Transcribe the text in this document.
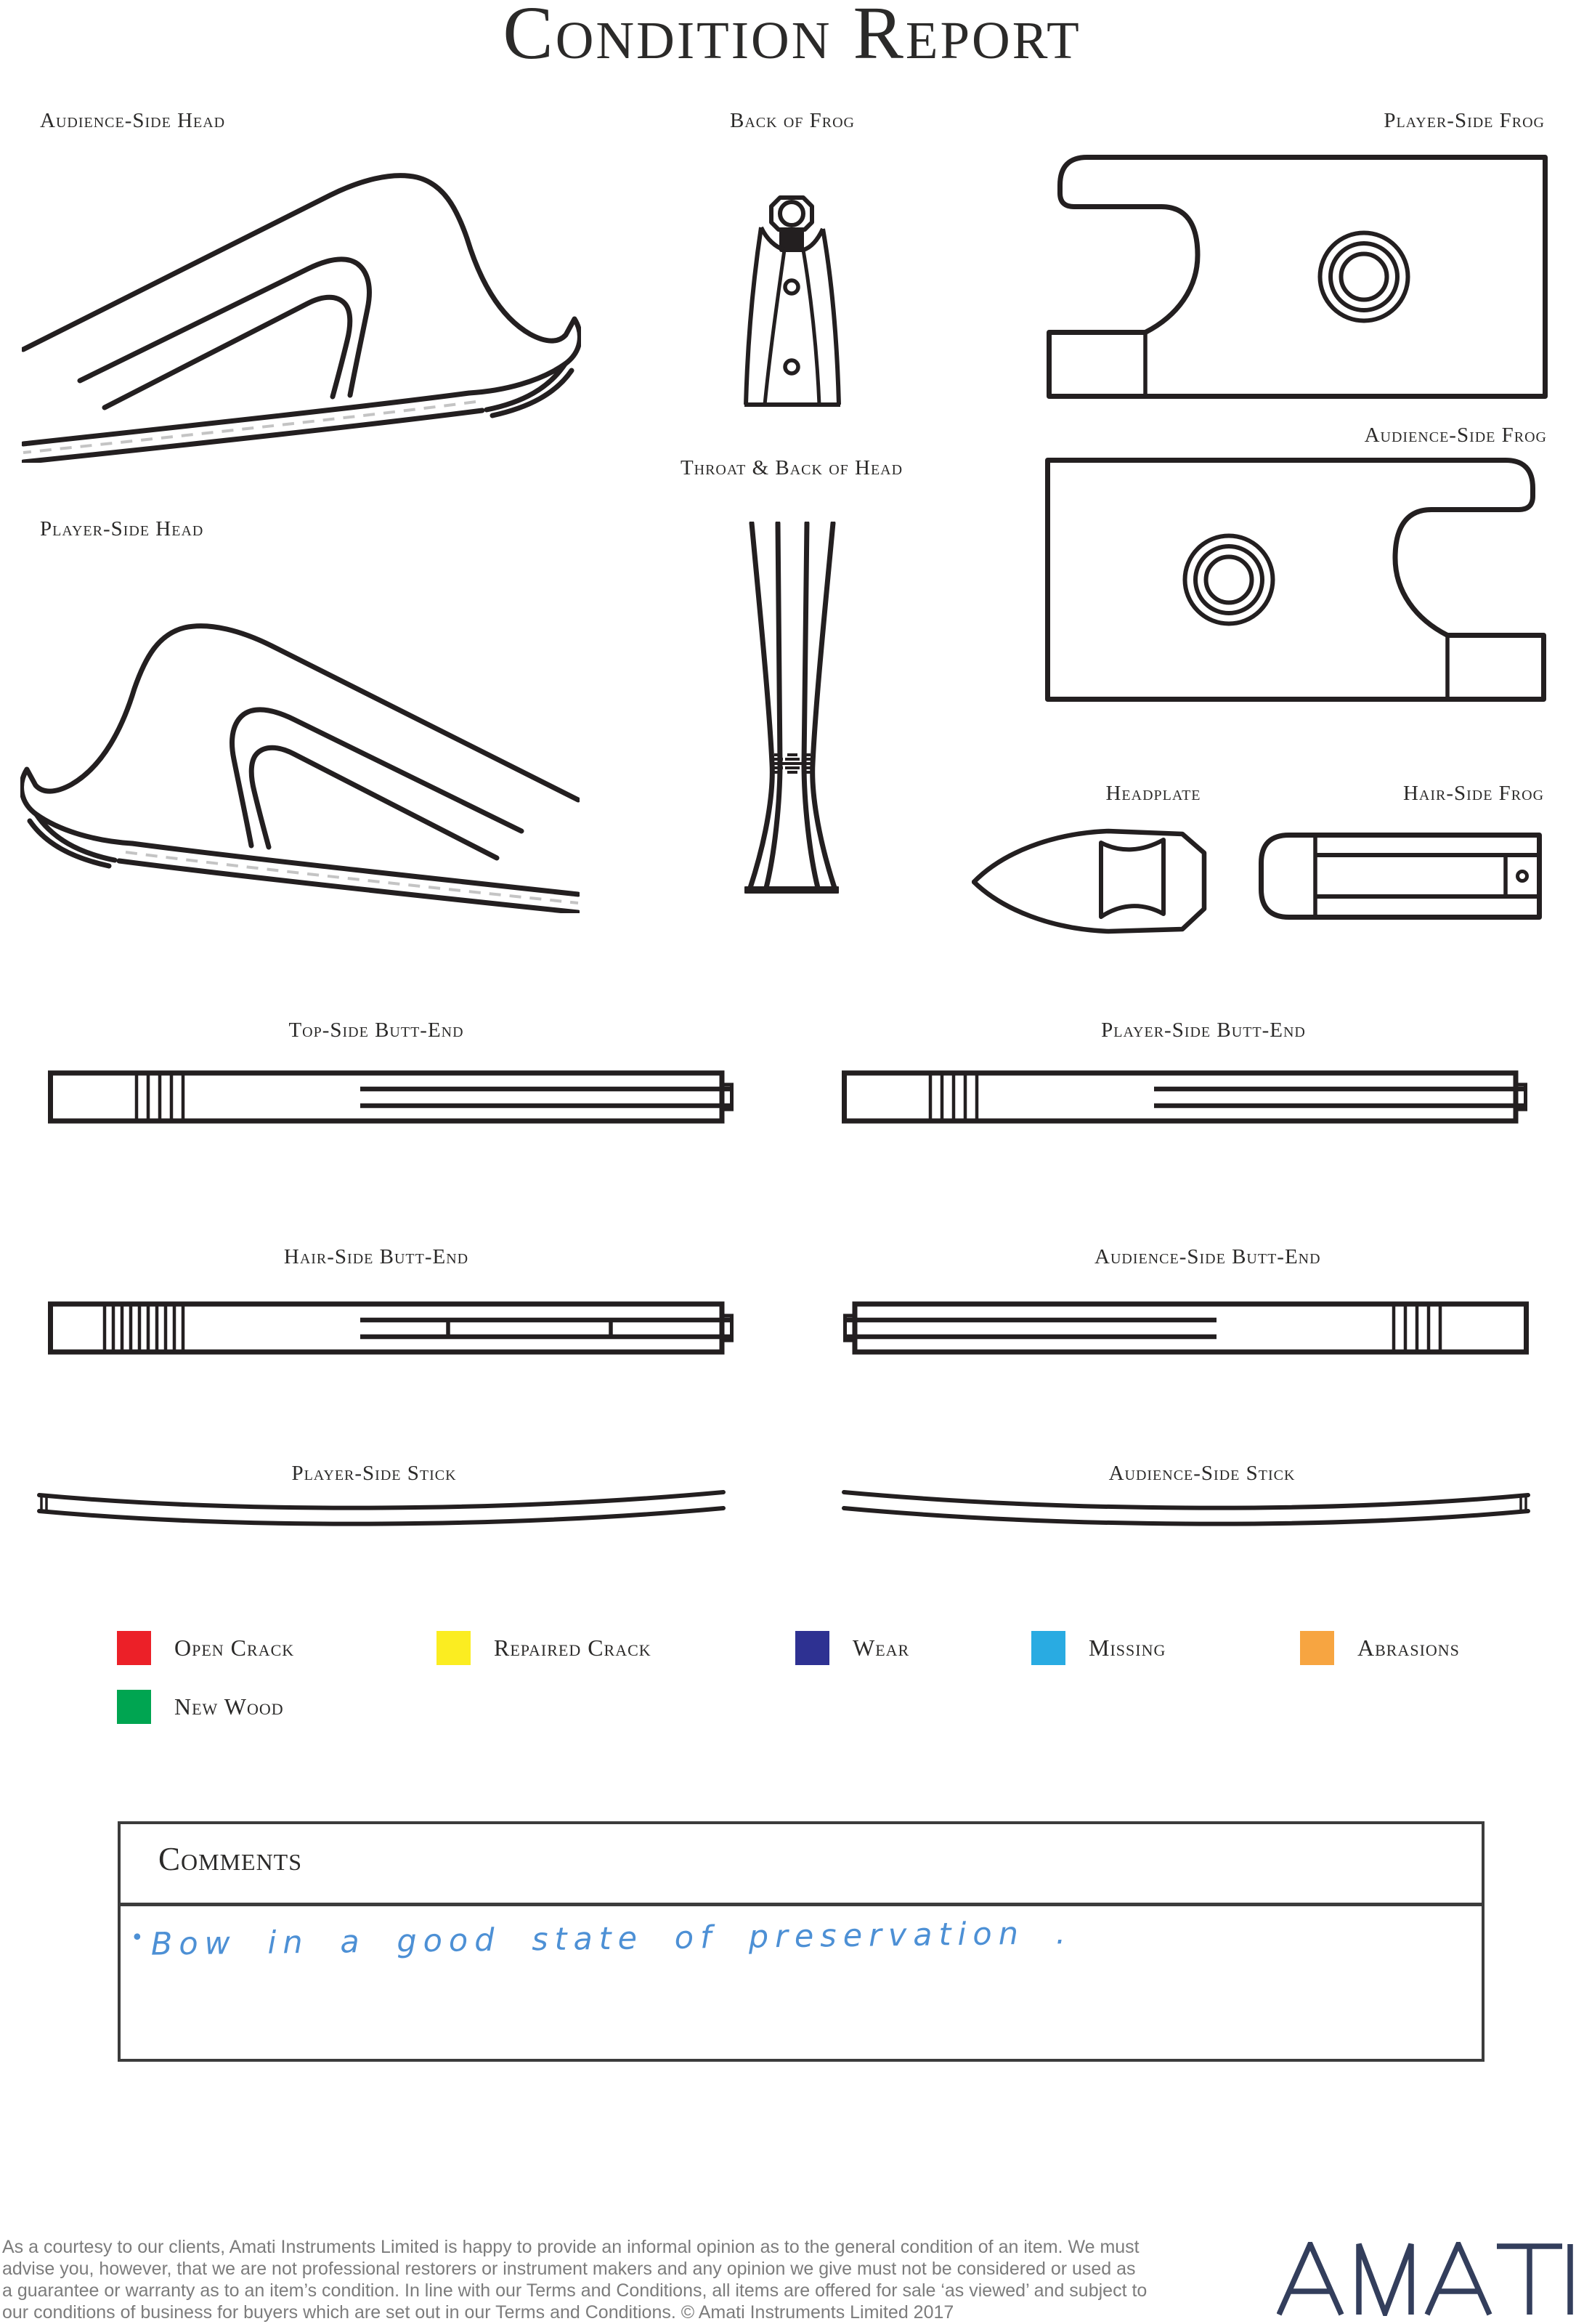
Condition Report
Audience-Side Head	Back of Frog	Player-Side Frog
Audience-Side Frog
Player-Side Head
Throat & Back of Head
Headplate	Hair-Side Frog
Top-Side Butt-End	Player-Side Butt-End
Hair-Side Butt-End	Audience-Side Butt-End
Player-Side Stick	Audience-Side Stick
Open Crack	Repaired Crack	Wear	Missing	Abrasions
New Wood
Comments
• Bow in a good state of preservation .
As a courtesy to our clients, Amati Instruments Limited is happy to provide an informal opinion as to the general condition of an item. We must
advise you, however, that we are not professional restorers or instrument makers and any opinion we give must not be considered or used as
a guarantee or warranty as to an item’s condition. In line with our Terms and Conditions, all items are offered for sale ‘as viewed’ and subject to
our conditions of business for buyers which are set out in our Terms and Conditions. © Amati Instruments Limited 2017
